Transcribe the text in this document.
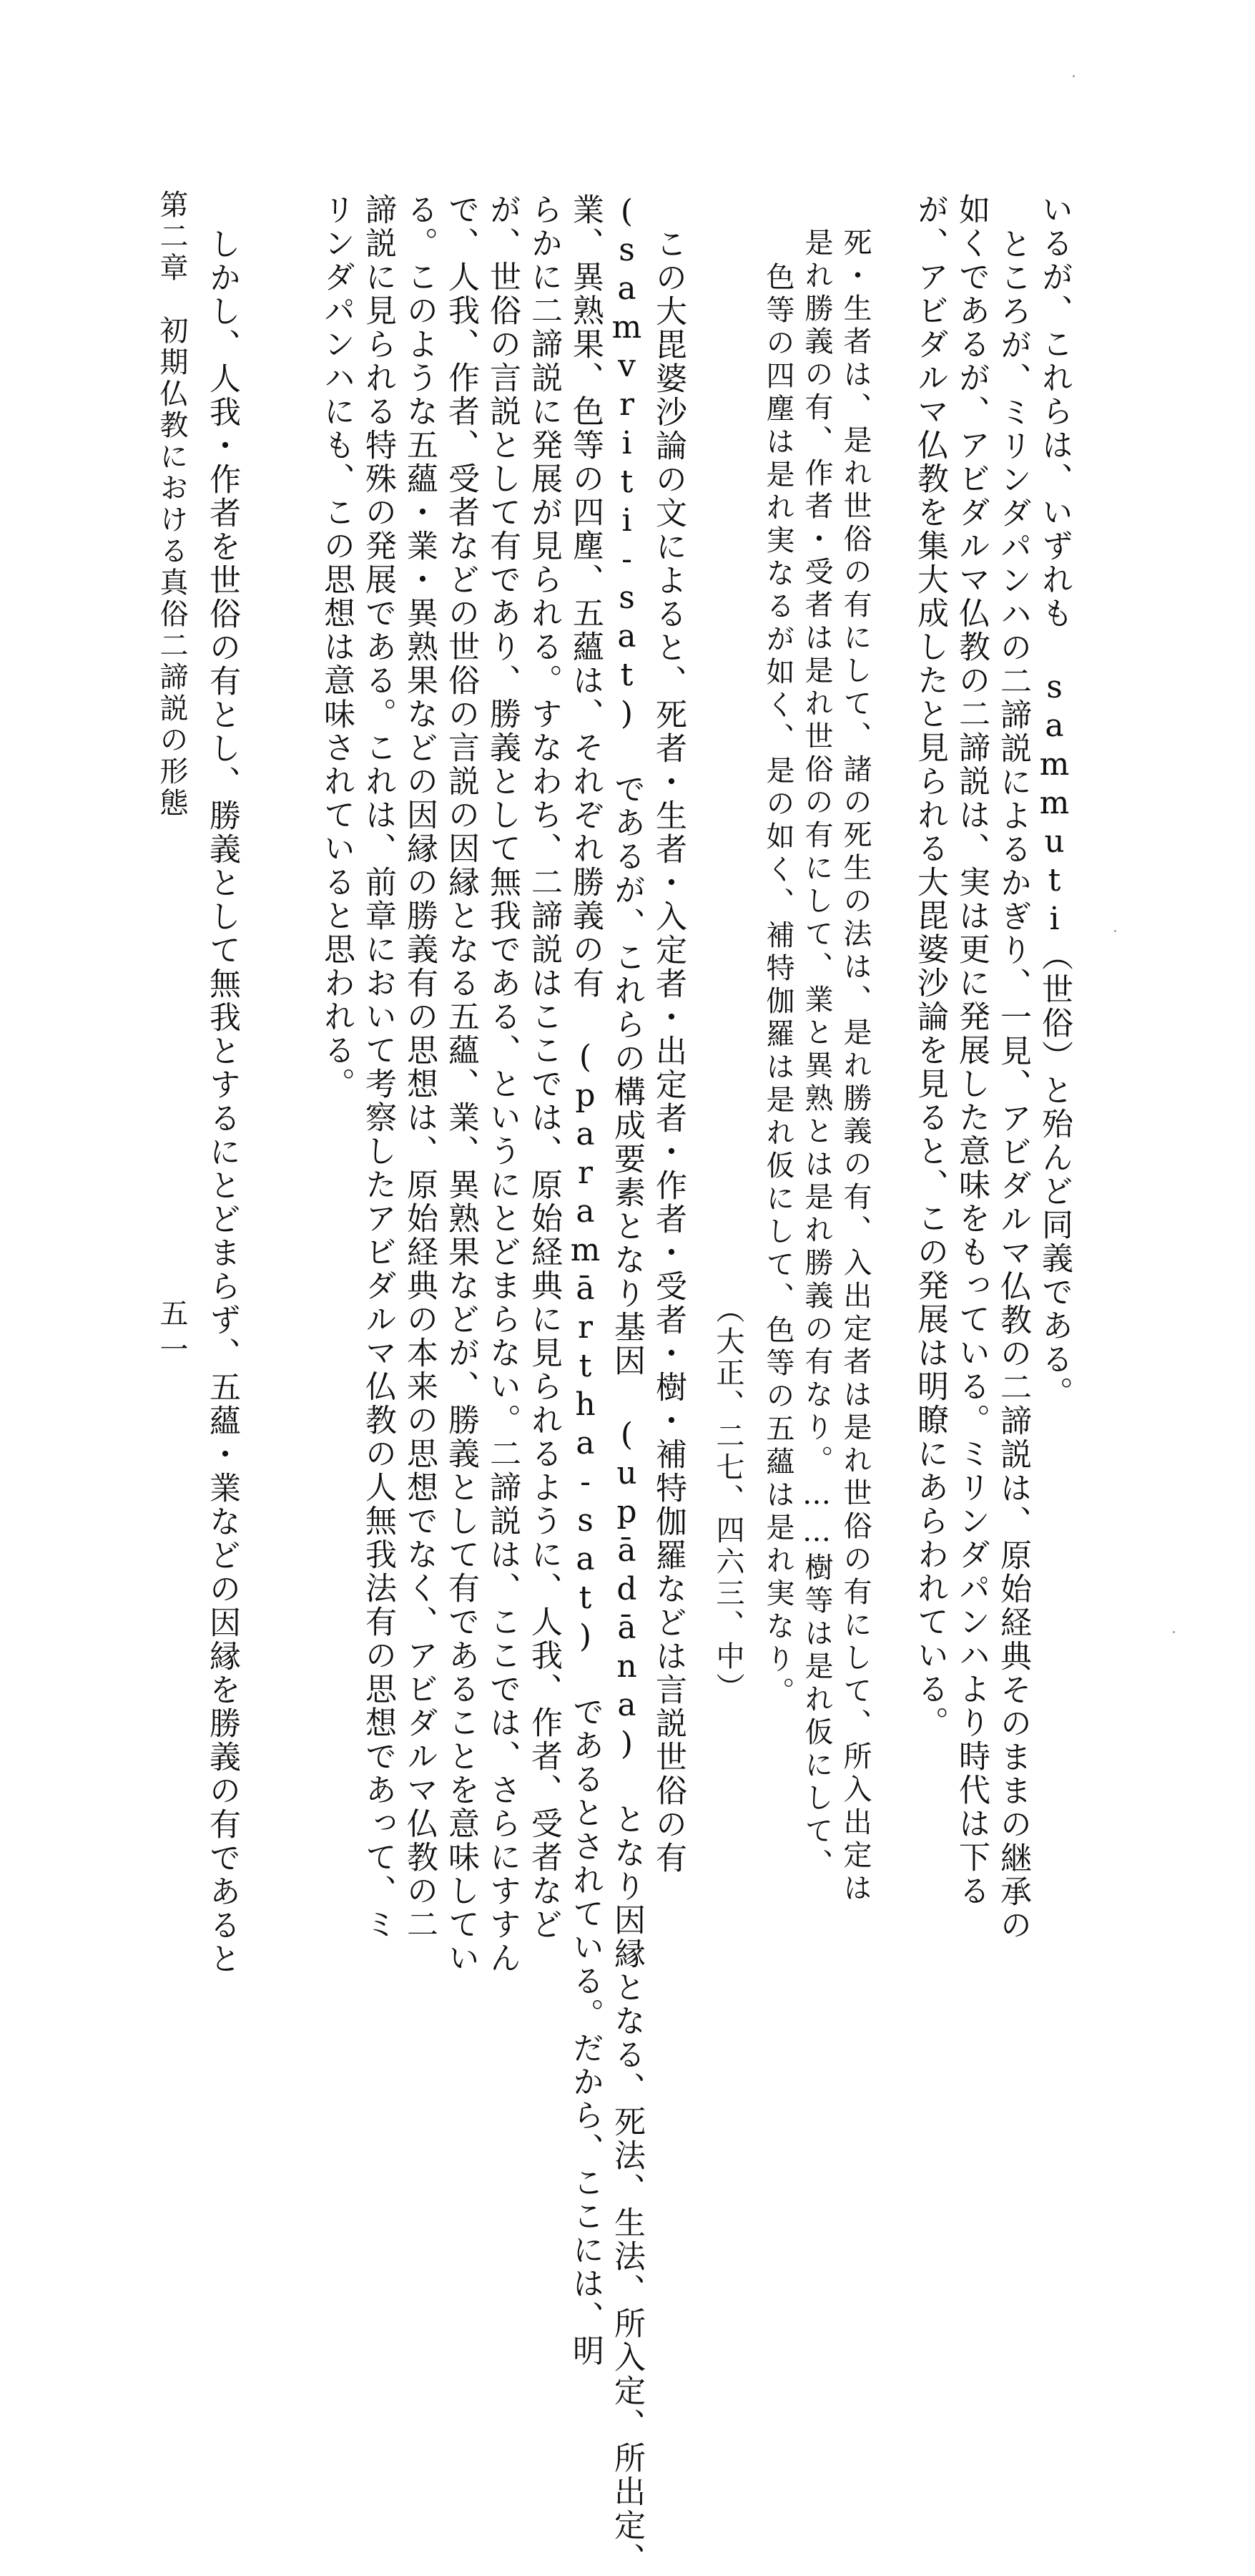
いるが、これらは、いずれも sammuti（世俗）と殆んど同義である。
ところが、ミリンダパンハの二諦説によるかぎり、一見、アビダルマ仏教の二諦説は、原始経典そのままの継承の
如くであるが、アビダルマ仏教の二諦説は、実は更に発展した意味をもっている。ミリンダパンハより時代は下る
が、アビダルマ仏教を集大成したと見られる大毘婆沙論を見ると、この発展は明瞭にあらわれている。
死・生者は、是れ世俗の有にして、諸の死生の法は、是れ勝義の有、入出定者は是れ世俗の有にして、所入出定は
是れ勝義の有、作者・受者は是れ世俗の有にして、業と異熟とは是れ勝義の有なり。……樹等は是れ仮にして、
色等の四塵は是れ実なるが如く、是の如く、補特伽羅は是れ仮にして、色等の五蘊は是れ実なり。
（大正、二七、四六三、中）
この大毘婆沙論の文によると、死者・生者・入定者・出定者・作者・受者・樹・補特伽羅などは言説世俗の有
(samvriti-sat) であるが、これらの構成要素となり基因 (upādāna) となり因縁となる、死法、生法、所入定、所出定、
業、異熟果、色等の四塵、五蘊は、それぞれ勝義の有 (paramārtha-sat) であるとされている。だから、ここには、明
らかに二諦説に発展が見られる。すなわち、二諦説はここでは、原始経典に見られるように、人我、作者、受者など
が、世俗の言説として有であり、勝義として無我である、というにとどまらない。二諦説は、ここでは、さらにすすん
で、人我、作者、受者などの世俗の言説の因縁となる五蘊、業、異熟果などが、勝義として有であることを意味してい
る。このような五蘊・業・異熟果などの因縁の勝義有の思想は、原始経典の本来の思想でなく、アビダルマ仏教の二
諦説に見られる特殊の発展である。これは、前章において考察したアビダルマ仏教の人無我法有の思想であって、ミ
リンダパンハにも、この思想は意味されていると思われる。
しかし、人我・作者を世俗の有とし、勝義として無我とするにとどまらず、五蘊・業などの因縁を勝義の有であると
第二章　初期仏教における真俗二諦説の形態
五一
